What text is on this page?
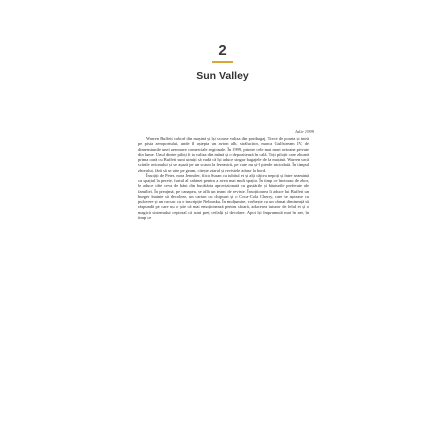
2
Sun Valley
Iulie 1999

Warren Buffett coborî din mașină și își scoase valiza din portbagaj. Trece de poarta și intră pe pista aeroportului, unde îl aștepta un avion alb, strălucitor, marca Gulfstream IV, de dimensiunile unei aeronave comerciale regionale. În 1999, printre cele mai mari avioane private din lume. Unul dintre piloți îi ia valiza din mână și o depozitează în cală. Toți piloții care zboară prima oară cu Buffett sunt uimiți să vadă că își aduce singur bagajele de la mașină. Warren urcă scările avionului și se așază pe un scaun la fereastră, pe care nu și-l pierde niciodată. În timpul zborului, fără să se uite pe geam, citește ziarul și revistele aduse la bord.

Însoțiți de Peter, nora Jennifer, fiica Susan cu iubitul ei și alți câțiva nepoți și între seamănă cu spațiul la perete, furtul al cabinei pentru a avea mai mult spațiu. În timp ce înotorau de zbor, le aduce câte ceva de băut din bucătăria aprovizionată cu gustările și băuturile preferate ale familiei. În preajmă, pe canapea, se află un teanc de reviste. Însoțitoarea îi aduce lui Buffett un burger înainte să decoleze, un carton cu chipsuri și o Coca-Cola Cherry, care se așezase cu pulovere și un rucsac cu o inscripție Nebraska. În mulțumire, vorbește cu un cârnat dimineață să răspundă pe care nu o știe că mai emoționează pentru sfoară, aducerea tuturor de felul ei și o magică sistemului ceptoral că sunt preț ceilalți și decolare. Apoi își împrumută mai în aer, în timp ce
